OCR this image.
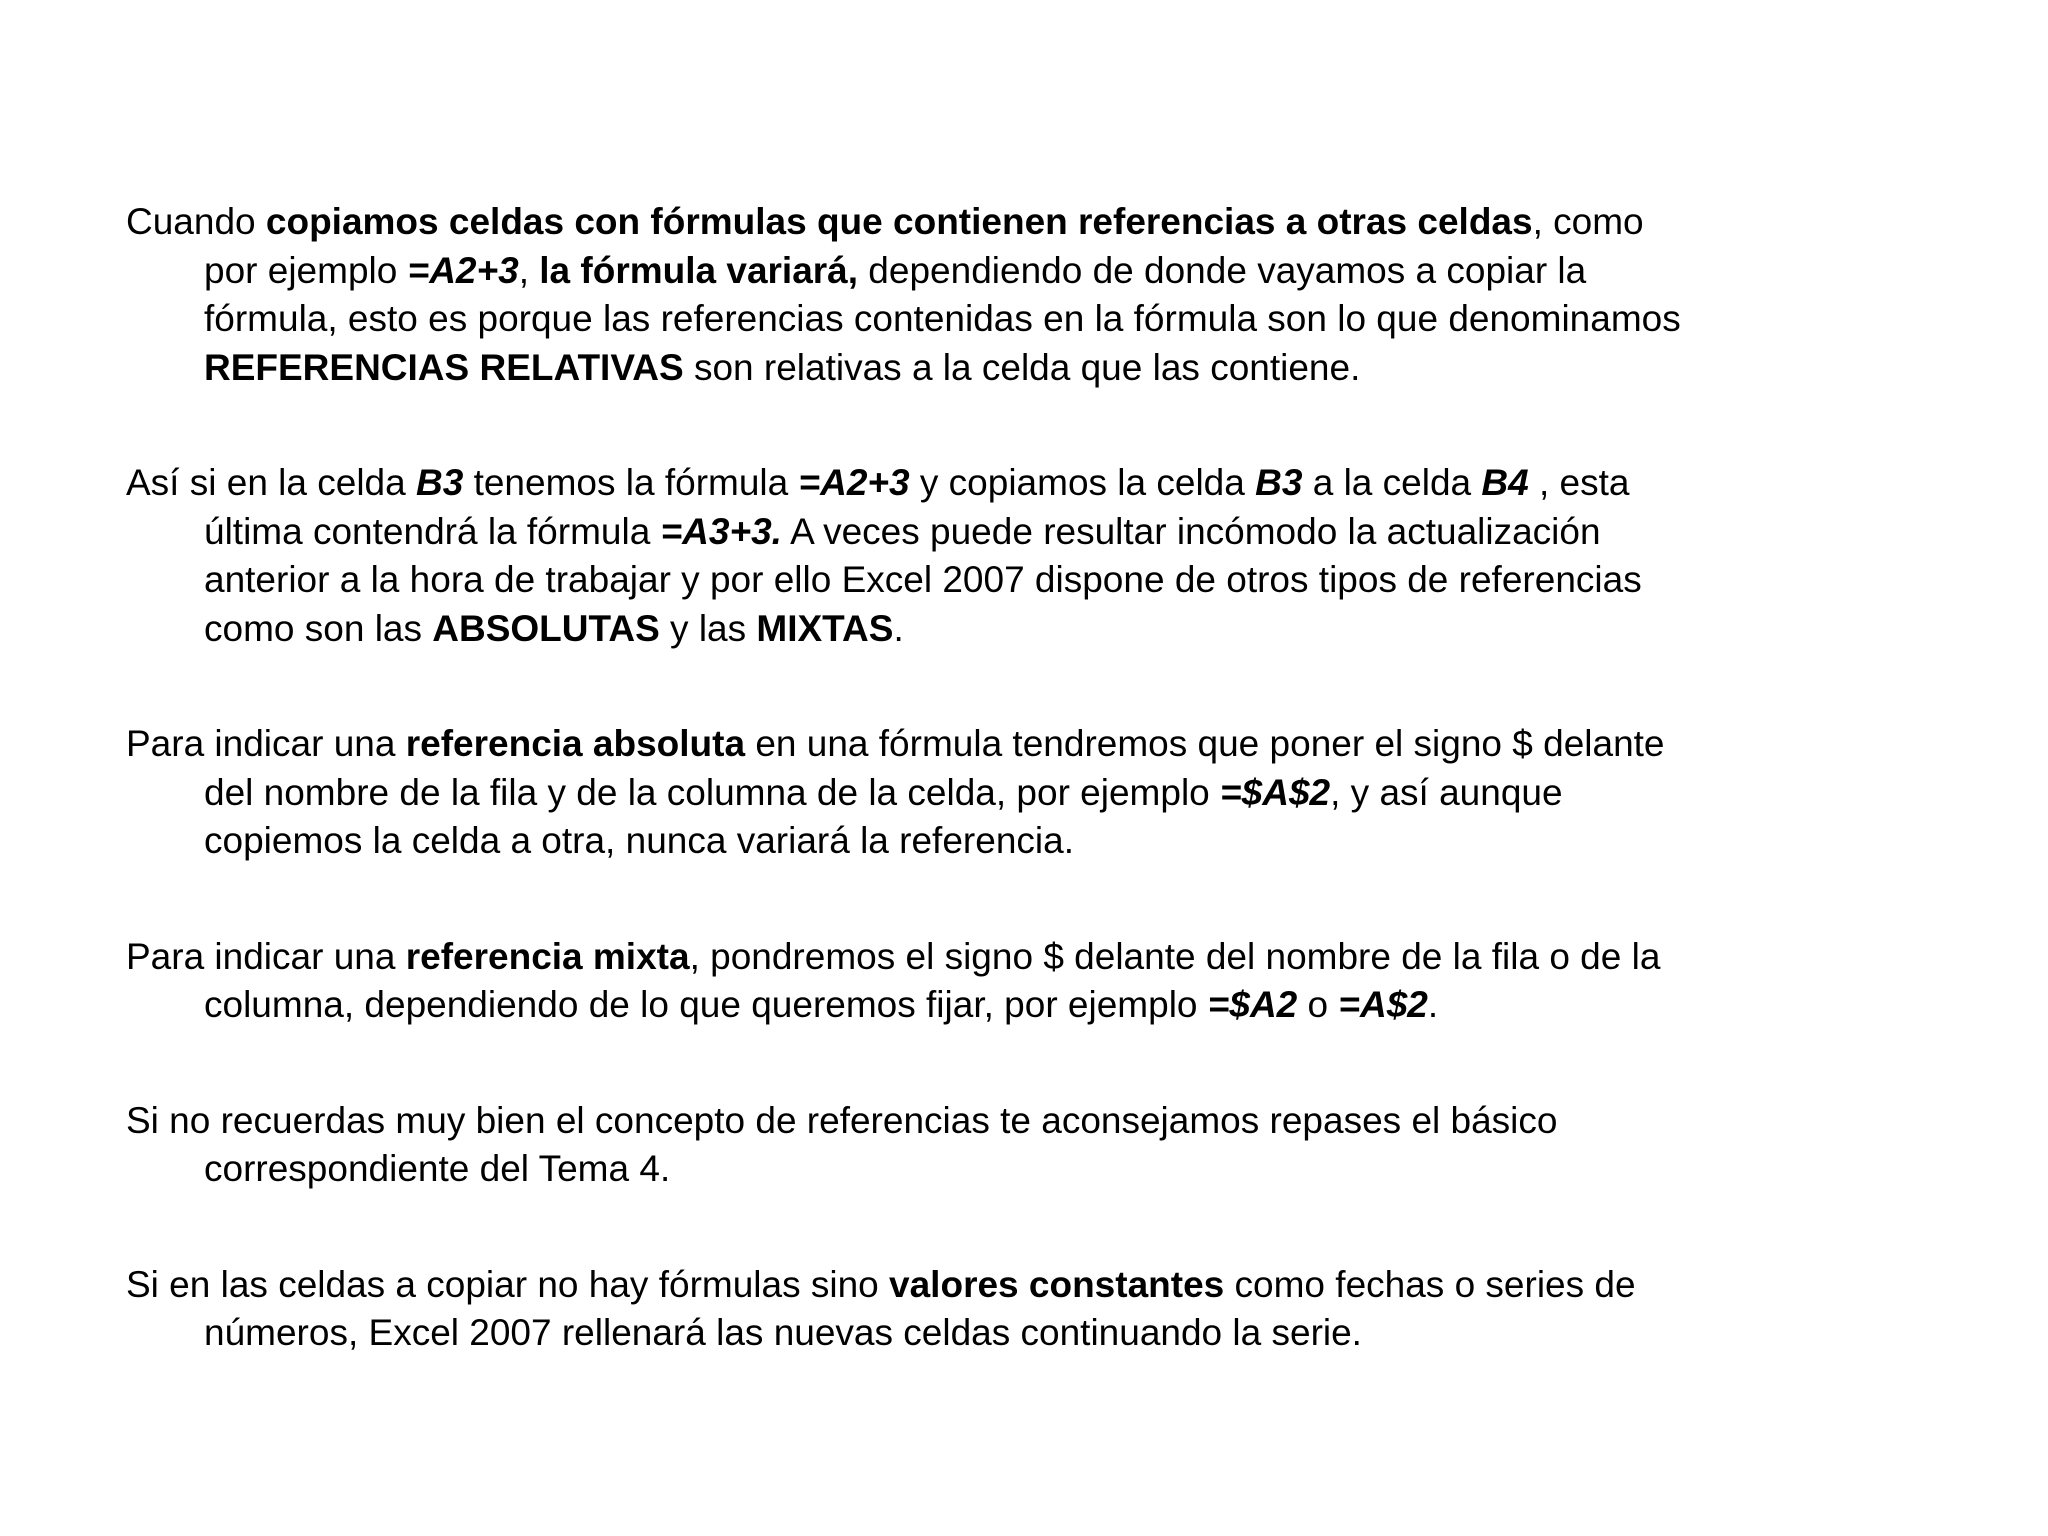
Cuando copiamos celdas con fórmulas que contienen referencias a otras celdas, como
por ejemplo =A2+3, la fórmula variará, dependiendo de donde vayamos a copiar la
fórmula, esto es porque las referencias contenidas en la fórmula son lo que denominamos
REFERENCIAS RELATIVAS son relativas a la celda que las contiene.

Así si en la celda B3 tenemos la fórmula =A2+3 y copiamos la celda B3 a la celda B4 , esta
última contendrá la fórmula =A3+3. A veces puede resultar incómodo la actualización
anterior a la hora de trabajar y por ello Excel 2007 dispone de otros tipos de referencias
como son las ABSOLUTAS y las MIXTAS.

Para indicar una referencia absoluta en una fórmula tendremos que poner el signo $ delante
del nombre de la fila y de la columna de la celda, por ejemplo =$A$2, y así aunque
copiemos la celda a otra, nunca variará la referencia.

Para indicar una referencia mixta, pondremos el signo $ delante del nombre de la fila o de la
columna, dependiendo de lo que queremos fijar, por ejemplo =$A2 o =A$2.

Si no recuerdas muy bien el concepto de referencias te aconsejamos repases el básico
correspondiente del Tema 4.

Si en las celdas a copiar no hay fórmulas sino valores constantes como fechas o series de
números, Excel 2007 rellenará las nuevas celdas continuando la serie.
